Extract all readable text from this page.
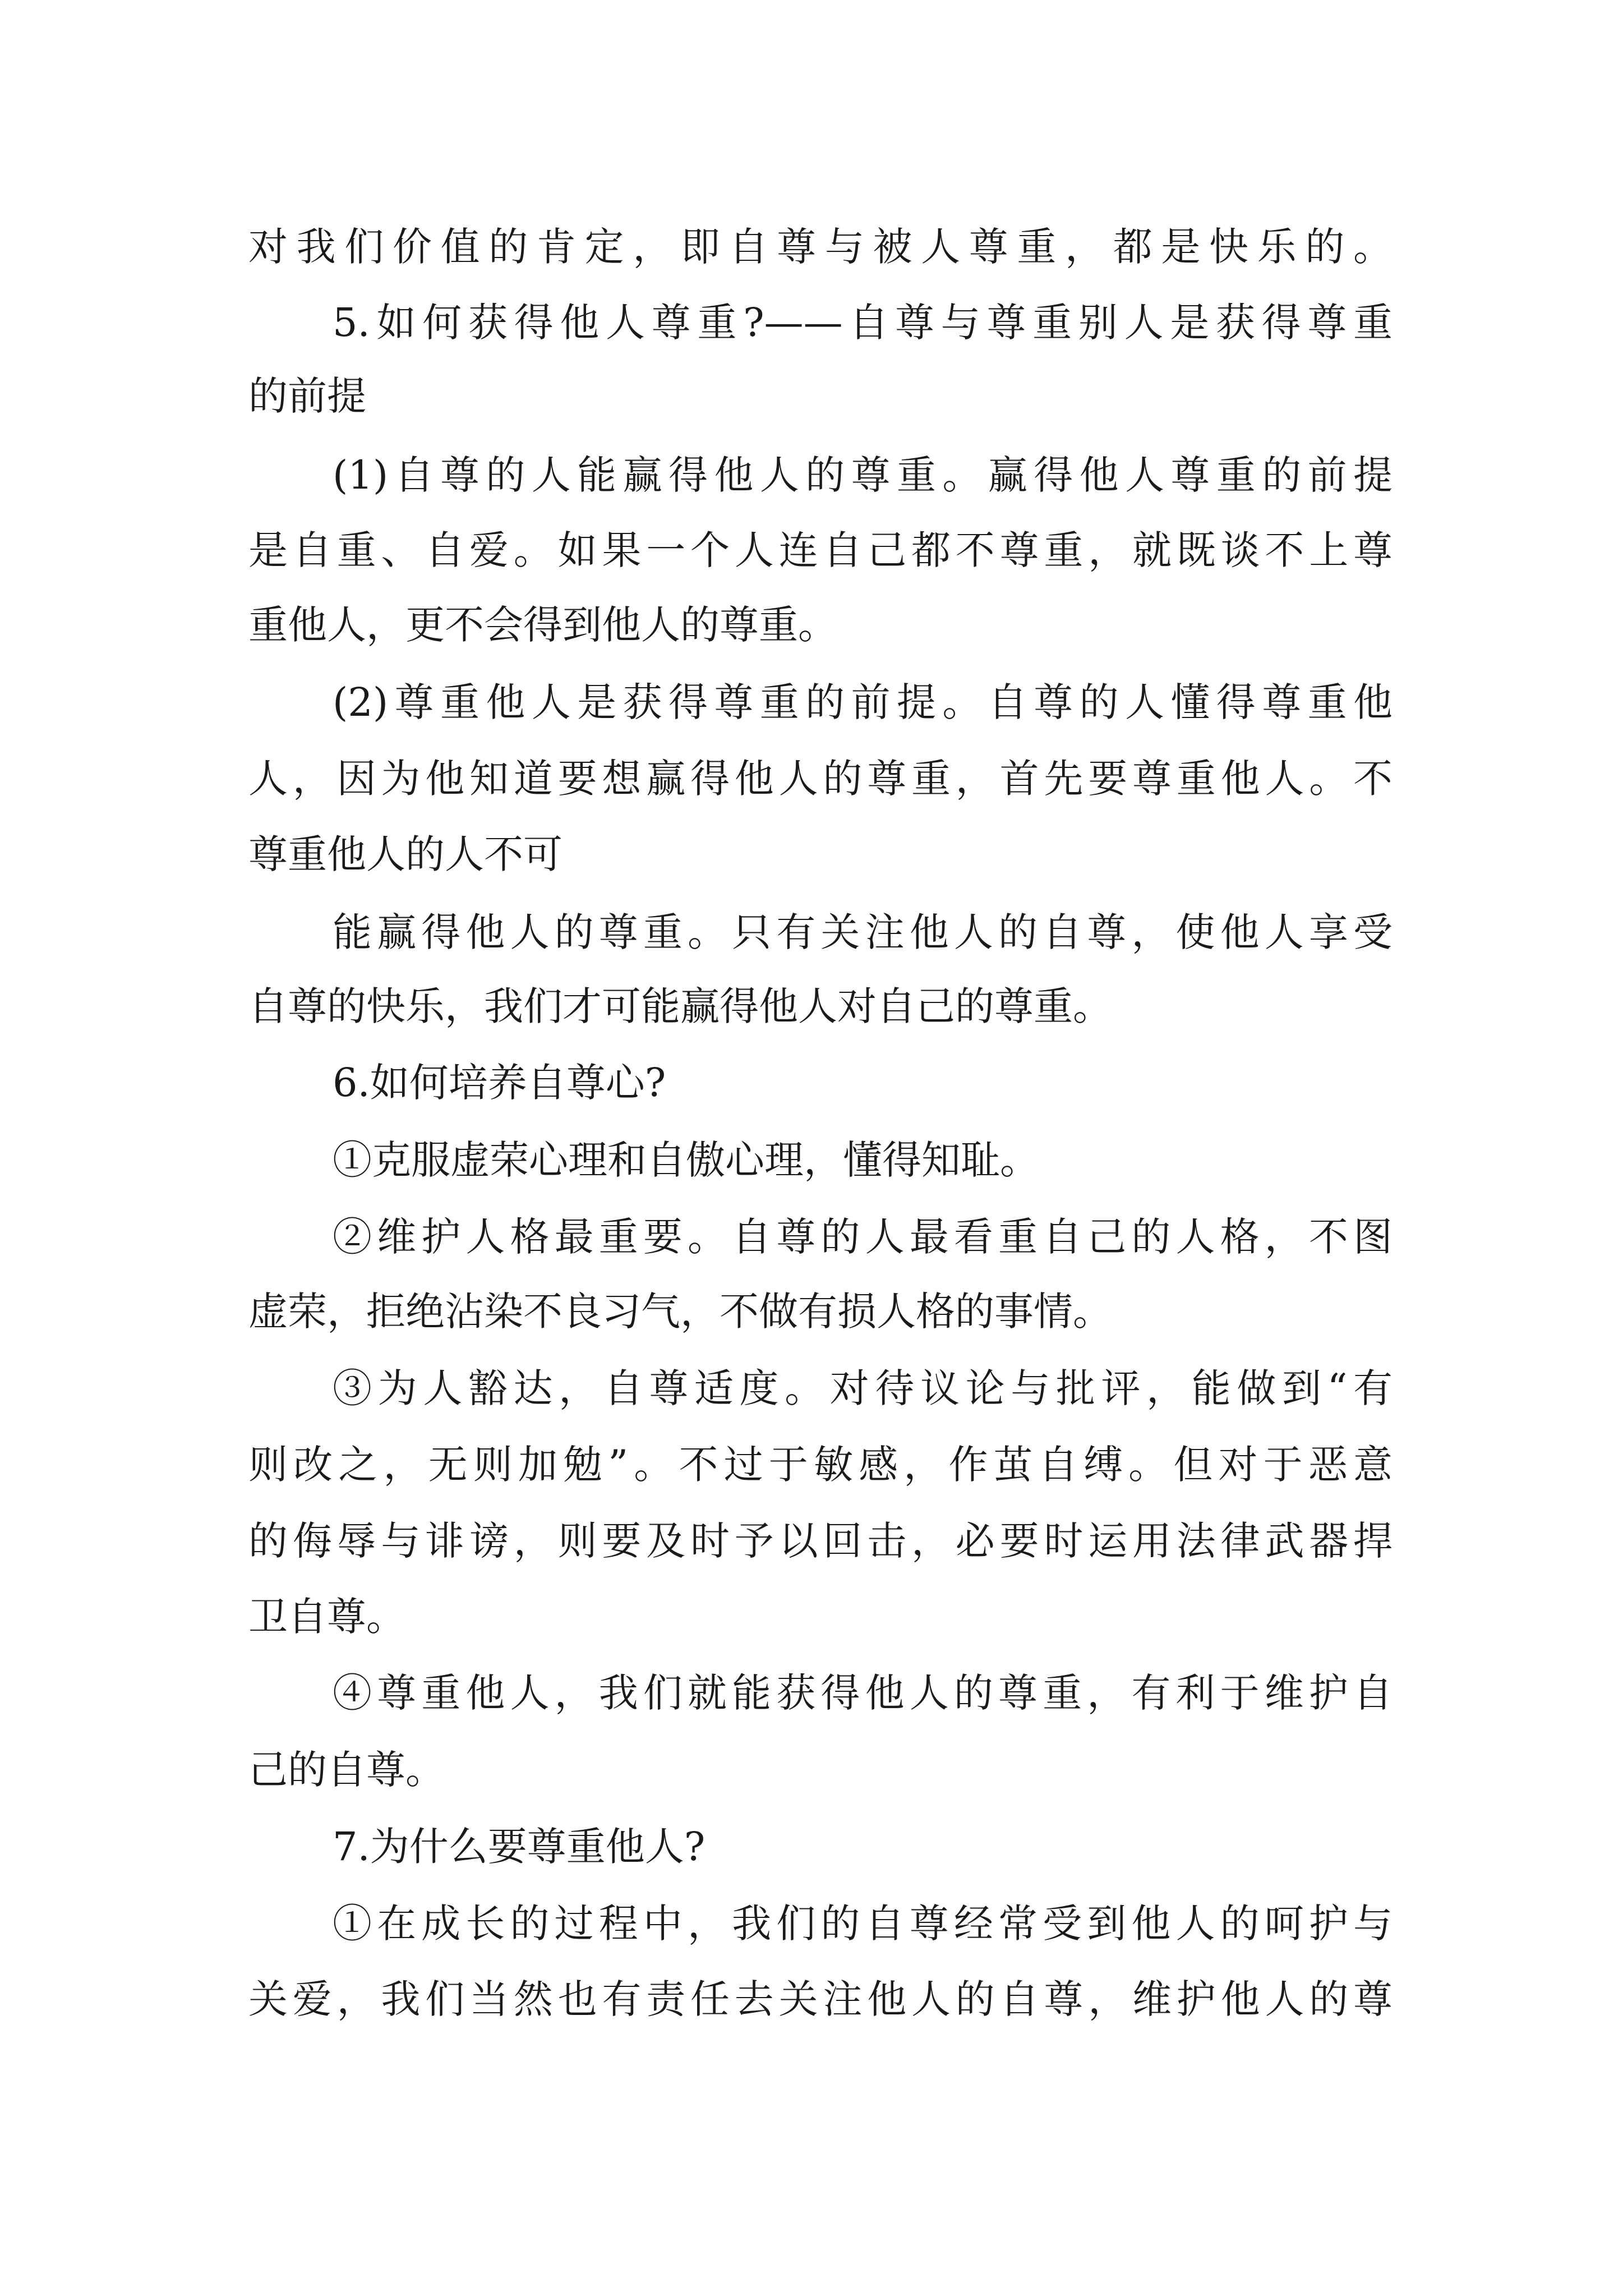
对我们价值的肯定，即自尊与被人尊重，都是快乐的。
5.如何获得他人尊重?——自尊与尊重别人是获得尊重
的前提
(1)自尊的人能赢得他人的尊重。赢得他人尊重的前提
是自重、自爱。如果一个人连自己都不尊重，就既谈不上尊
重他人，更不会得到他人的尊重。
(2)尊重他人是获得尊重的前提。自尊的人懂得尊重他
人，因为他知道要想赢得他人的尊重，首先要尊重他人。不
尊重他人的人不可
能赢得他人的尊重。只有关注他人的自尊，使他人享受
自尊的快乐，我们才可能赢得他人对自己的尊重。
6.如何培养自尊心?
①克服虚荣心理和自傲心理，懂得知耻。
②维护人格最重要。自尊的人最看重自己的人格，不图
虚荣，拒绝沾染不良习气，不做有损人格的事情。
③为人豁达，自尊适度。对待议论与批评，能做到“有
则改之，无则加勉”。不过于敏感，作茧自缚。但对于恶意
的侮辱与诽谤，则要及时予以回击，必要时运用法律武器捍
卫自尊。
④尊重他人，我们就能获得他人的尊重，有利于维护自
己的自尊。
7.为什么要尊重他人?
①在成长的过程中，我们的自尊经常受到他人的呵护与
关爱，我们当然也有责任去关注他人的自尊，维护他人的尊
